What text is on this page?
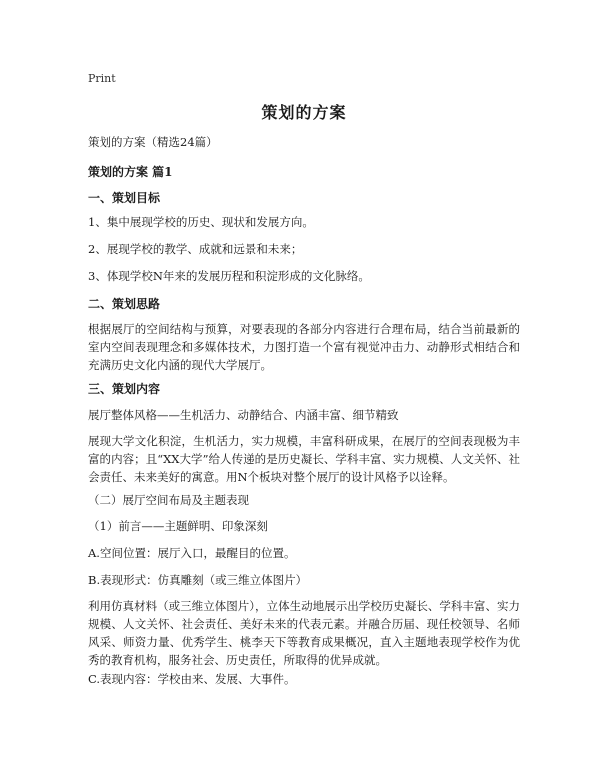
Print
策划的方案
策划的方案（精选24篇）
策划的方案 篇1
一、策划目标
1、集中展现学校的历史、现状和发展方向。
2、展现学校的教学、成就和远景和未来；
3、体现学校N年来的发展历程和积淀形成的文化脉络。
二、策划思路
根据展厅的空间结构与预算，对要表现的各部分内容进行合理布局，结合当前最新的室内空间表现理念和多媒体技术，力图打造一个富有视觉冲击力、动静形式相结合和充满历史文化内涵的现代大学展厅。
三、策划内容
展厅整体风格——生机活力、动静结合、内涵丰富、细节精致
展现大学文化积淀，生机活力，实力规模，丰富科研成果，在展厅的空间表现极为丰富的内容；且“XX大学”给人传递的是历史凝长、学科丰富、实力规模、人文关怀、社会责任、未来美好的寓意。用N个板块对整个展厅的设计风格予以诠释。
（二）展厅空间布局及主题表现
（1）前言——主题鲜明、印象深刻
A.空间位置：展厅入口，最醒目的位置。
B.表现形式：仿真雕刻（或三维立体图片）
利用仿真材料（或三维立体图片），立体生动地展示出学校历史凝长、学科丰富、实力规模、人文关怀、社会责任、美好未来的代表元素。并融合历届、现任校领导、名师风采、师资力量、优秀学生、桃李天下等教育成果概况，直入主题地表现学校作为优秀的教育机构，服务社会、历史责任，所取得的优异成就。
C.表现内容：学校由来、发展、大事件。
